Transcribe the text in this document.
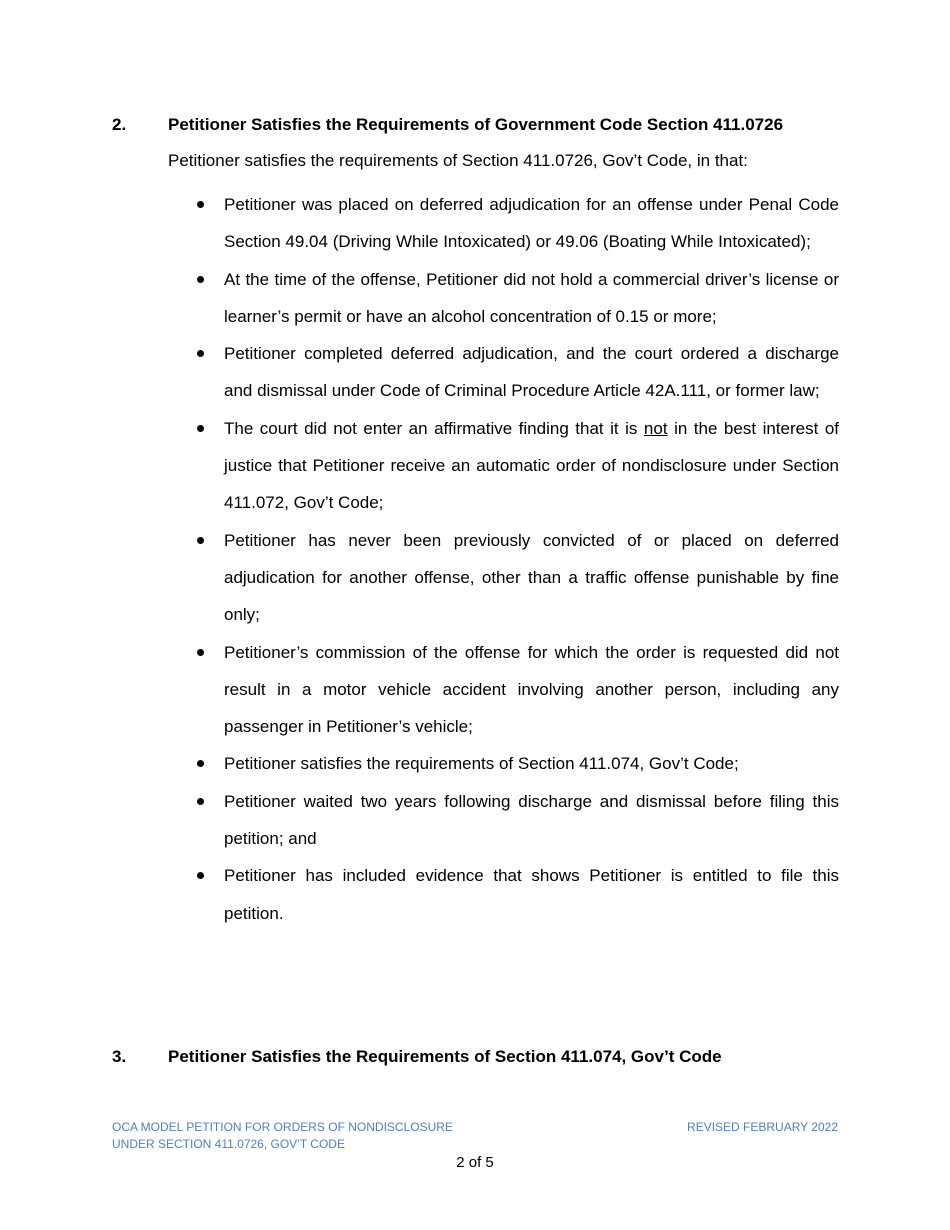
2. Petitioner Satisfies the Requirements of Government Code Section 411.0726
Petitioner satisfies the requirements of Section 411.0726, Gov’t Code, in that:
Petitioner was placed on deferred adjudication for an offense under Penal Code Section 49.04 (Driving While Intoxicated) or 49.06 (Boating While Intoxicated);
At the time of the offense, Petitioner did not hold a commercial driver’s license or learner’s permit or have an alcohol concentration of 0.15 or more;
Petitioner completed deferred adjudication, and the court ordered a discharge and dismissal under Code of Criminal Procedure Article 42A.111, or former law;
The court did not enter an affirmative finding that it is not in the best interest of justice that Petitioner receive an automatic order of nondisclosure under Section 411.072, Gov’t Code;
Petitioner has never been previously convicted of or placed on deferred adjudication for another offense, other than a traffic offense punishable by fine only;
Petitioner’s commission of the offense for which the order is requested did not result in a motor vehicle accident involving another person, including any passenger in Petitioner’s vehicle;
Petitioner satisfies the requirements of Section 411.074, Gov’t Code;
Petitioner waited two years following discharge and dismissal before filing this petition; and
Petitioner has included evidence that shows Petitioner is entitled to file this petition.
3. Petitioner Satisfies the Requirements of Section 411.074, Gov’t Code
OCA MODEL PETITION FOR ORDERS OF NONDISCLOSURE
UNDER SECTION 411.0726, GOV’T CODE
REVISED FEBRUARY 2022
2 of 5
